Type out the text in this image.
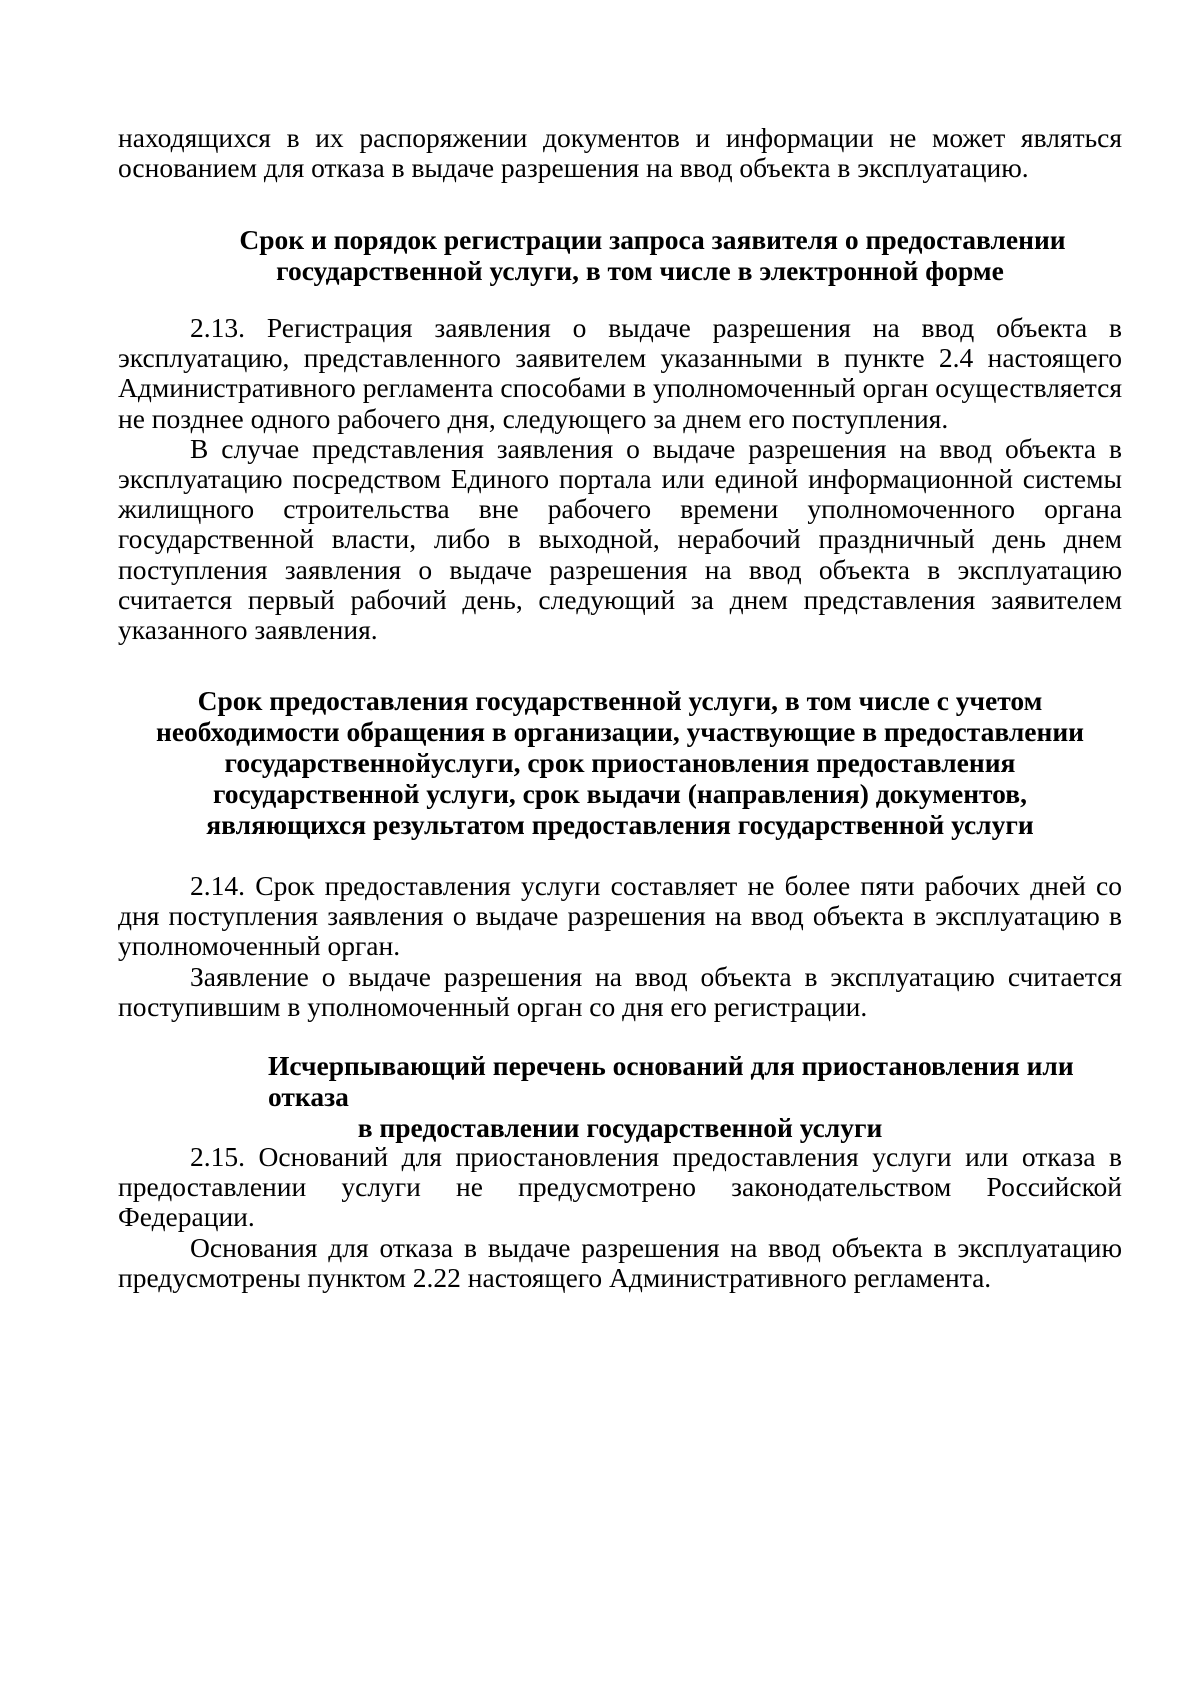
находящихся в их распоряжении документов и информации не может являться основанием для отказа в выдаче разрешения на ввод объекта в эксплуатацию.

Срок и порядок регистрации запроса заявителя о предоставлении
государственной услуги, в том числе в электронной форме

2.13. Регистрация заявления о выдаче разрешения на ввод объекта в эксплуатацию, представленного заявителем указанными в пункте 2.4 настоящего Административного регламента способами в уполномоченный орган осуществляется не позднее одного рабочего дня, следующего за днем его поступления.

В случае представления заявления о выдаче разрешения на ввод объекта в эксплуатацию посредством Единого портала или единой информационной системы жилищного строительства вне рабочего времени уполномоченного органа государственной власти, либо в выходной, нерабочий праздничный день днем поступления заявления о выдаче разрешения на ввод объекта в эксплуатацию считается первый рабочий день, следующий за днем представления заявителем указанного заявления.

Срок предоставления государственной услуги, в том числе с учетом
необходимости обращения в организации, участвующие в предоставлении
государственнойуслуги, срок приостановления предоставления
государственной услуги, срок выдачи (направления) документов,
являющихся результатом предоставления государственной услуги

2.14. Срок предоставления услуги составляет не более пяти рабочих дней со дня поступления заявления о выдаче разрешения на ввод объекта в эксплуатацию в уполномоченный орган.

Заявление о выдаче разрешения на ввод объекта в эксплуатацию считается поступившим в уполномоченный орган со дня его регистрации.

Исчерпывающий перечень оснований для приостановления или отказа
в предоставлении государственной услуги

2.15. Оснований для приостановления предоставления услуги или отказа в предоставлении услуги не предусмотрено законодательством Российской Федерации.

Основания для отказа в выдаче разрешения на ввод объекта в эксплуатацию предусмотрены пунктом 2.22 настоящего Административного регламента.
